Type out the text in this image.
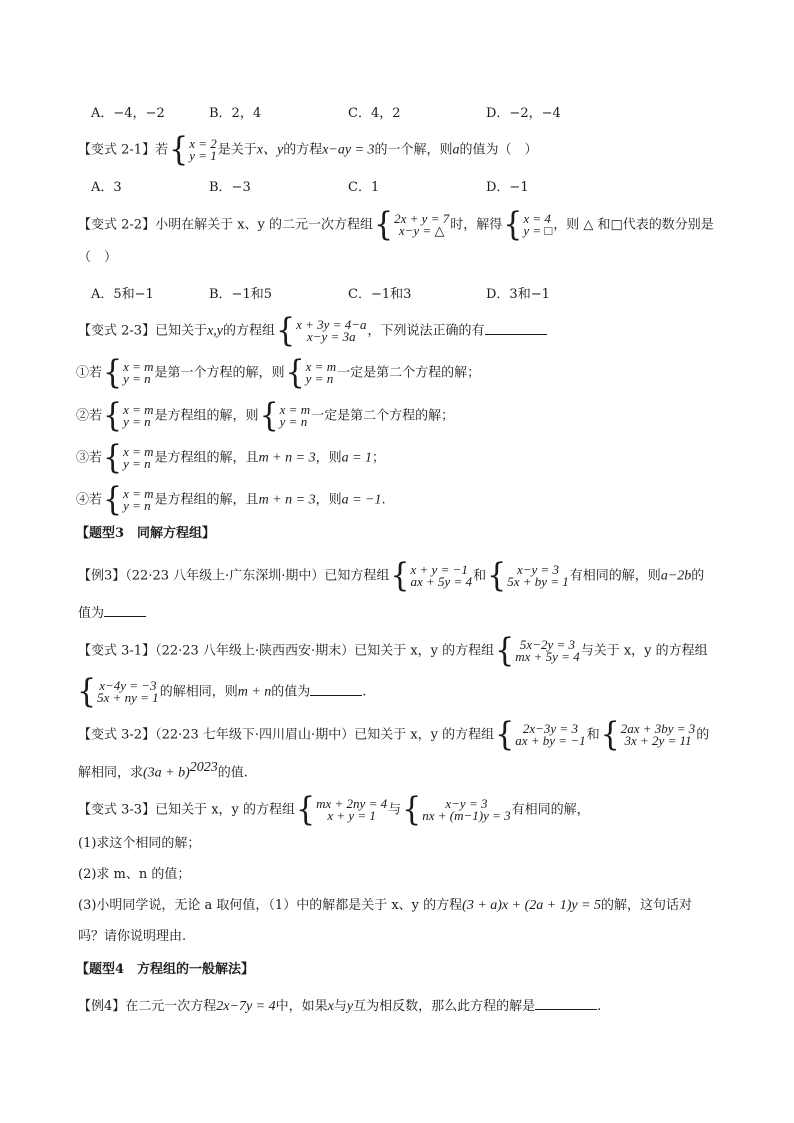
A．−4，−2	B．2，4	C．4，2	D．−2，−4
【变式 2-1】若 { x = 2
y = 1 是关于x、y的方程x−ay = 3的一个解，则a的值为（　）
A．3	B．−3	C．1	D．−1
【变式 2-2】小明在解关于 x、y 的二元一次方程组 { 2x + y = 7
x−y = △ 时，解得 { x = 4
y = □ ，则 △ 和□代表的数分别是
（　）
A．5和−1	B．−1和5	C．−1和3	D．3和−1
【变式 2-3】已知关于x,y的方程组 { x + 3y = 4−a
x−y = 3a ，下列说法正确的有
①若 { x = m
y = n 是第一个方程的解，则 { x = m
y = n 一定是第二个方程的解；
②若 { x = m
y = n 是方程组的解，则 { x = m
y = n 一定是第二个方程的解；
③若 { x = m
y = n 是方程组的解，且m + n = 3，则a = 1；
④若 { x = m
y = n 是方程组的解，且m + n = 3，则a = −1.
【题型3　同解方程组】
【例3】（22·23 八年级上·广东深圳·期中）已知方程组 { x + y = −1
ax + 5y = 4 和 { x−y = 3
5x + by = 1 有相同的解，则a−2b的
值为
【变式 3-1】（22·23 八年级上·陕西西安·期末）已知关于 x，y 的方程组 { 5x−2y = 3
mx + 5y = 4 与关于 x，y 的方程组
{ x−4y = −3
5x + ny = 1 的解相同，则m + n的值为	.
【变式 3-2】（22·23 七年级下·四川眉山·期中）已知关于 x，y 的方程组 { 2x−3y = 3
ax + by = −1 和 { 2ax + 3by = 3
3x + 2y = 11 的
解相同，求$(3a + b)^{2023}$的值.
【变式 3-3】已知关于 x，y 的方程组 { mx + 2ny = 4
x + y = 1 与 {	x−y = 3
nx + (m−1)y = 3 有相同的解，
(1)求这个相同的解；
(2)求 m、n 的值；
(3)小明同学说，无论 a 取何值，（1）中的解都是关于 x、y 的方程(3 + a)x + (2a + 1)y = 5的解，这句话对
吗？请你说明理由.
【题型4　方程组的一般解法】
【例4】在二元一次方程2x−7y = 4中，如果x与y互为相反数，那么此方程的解是	.
